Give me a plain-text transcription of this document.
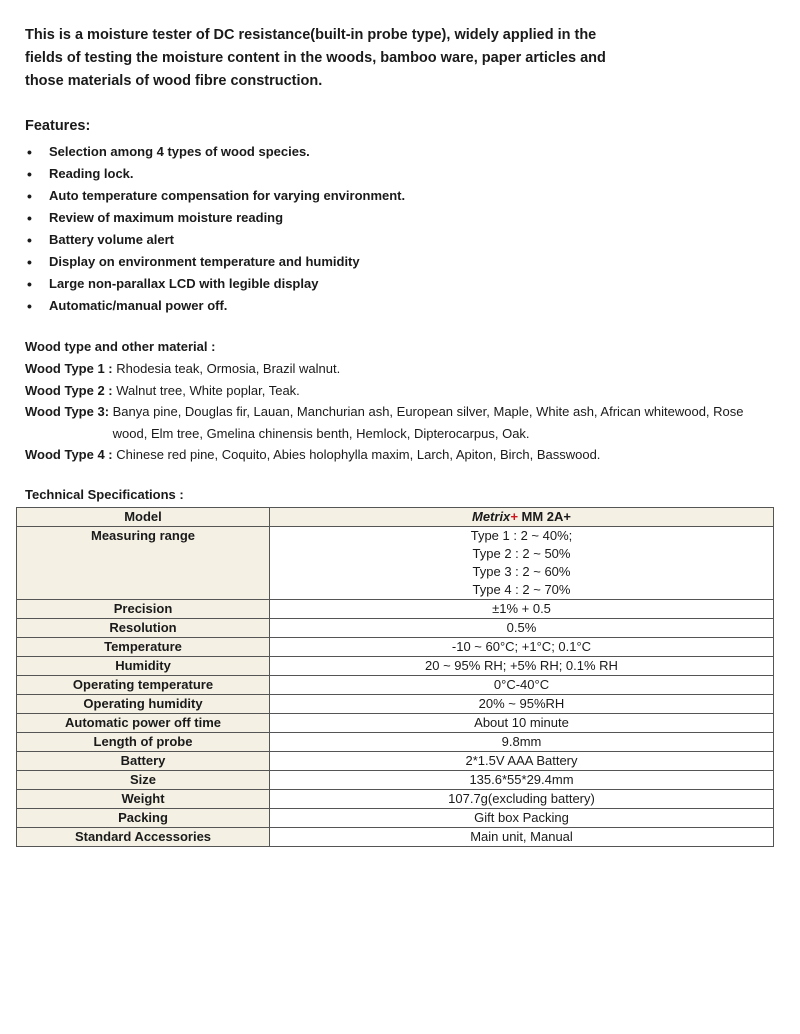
This is a moisture tester of DC resistance(built-in probe type), widely applied in the
fields of testing the moisture content in the woods, bamboo ware, paper articles and
those materials of wood fibre construction.
Features:
• Selection among 4 types of wood species.
• Reading lock.
• Auto temperature compensation for varying environment.
• Review of maximum moisture reading
• Battery volume alert
• Display on environment temperature and humidity
• Large non-parallax LCD with legible display
• Automatic/manual power off.
Wood type and other material :
Wood Type 1 : Rhodesia teak, Ormosia, Brazil walnut.
Wood Type 2 : Walnut tree, White poplar, Teak.
Wood Type 3: Banya pine, Douglas fir, Lauan, Manchurian ash, European silver, Maple, White ash, African whitewood, Rose wood, Elm tree, Gmelina chinensis benth, Hemlock, Dipterocarpus, Oak.
Wood Type 4 : Chinese red pine, Coquito, Abies holophylla maxim, Larch, Apiton, Birch, Basswood.
Technical Specifications :
Model	Metrix+ MM 2A+
Measuring range	Type 1 : 2 ~ 40%;
Type 2 : 2 ~ 50%
Type 3 : 2 ~ 60%
Type 4 : 2 ~ 70%

Precision	±1% + 0.5
Resolution	0.5%
Temperature	-10 ~ 60°C; +1°C; 0.1°C
Humidity	20 ~ 95% RH; +5% RH; 0.1% RH
Operating temperature	0°C-40°C
Operating humidity	20% ~ 95%RH
Automatic power off time	About 10 minute
Length of probe	9.8mm
Battery	2*1.5V AAA Battery
Size	135.6*55*29.4mm
Weight	107.7g(excluding battery)
Packing	Gift box Packing
Standard Accessories	Main unit, Manual
